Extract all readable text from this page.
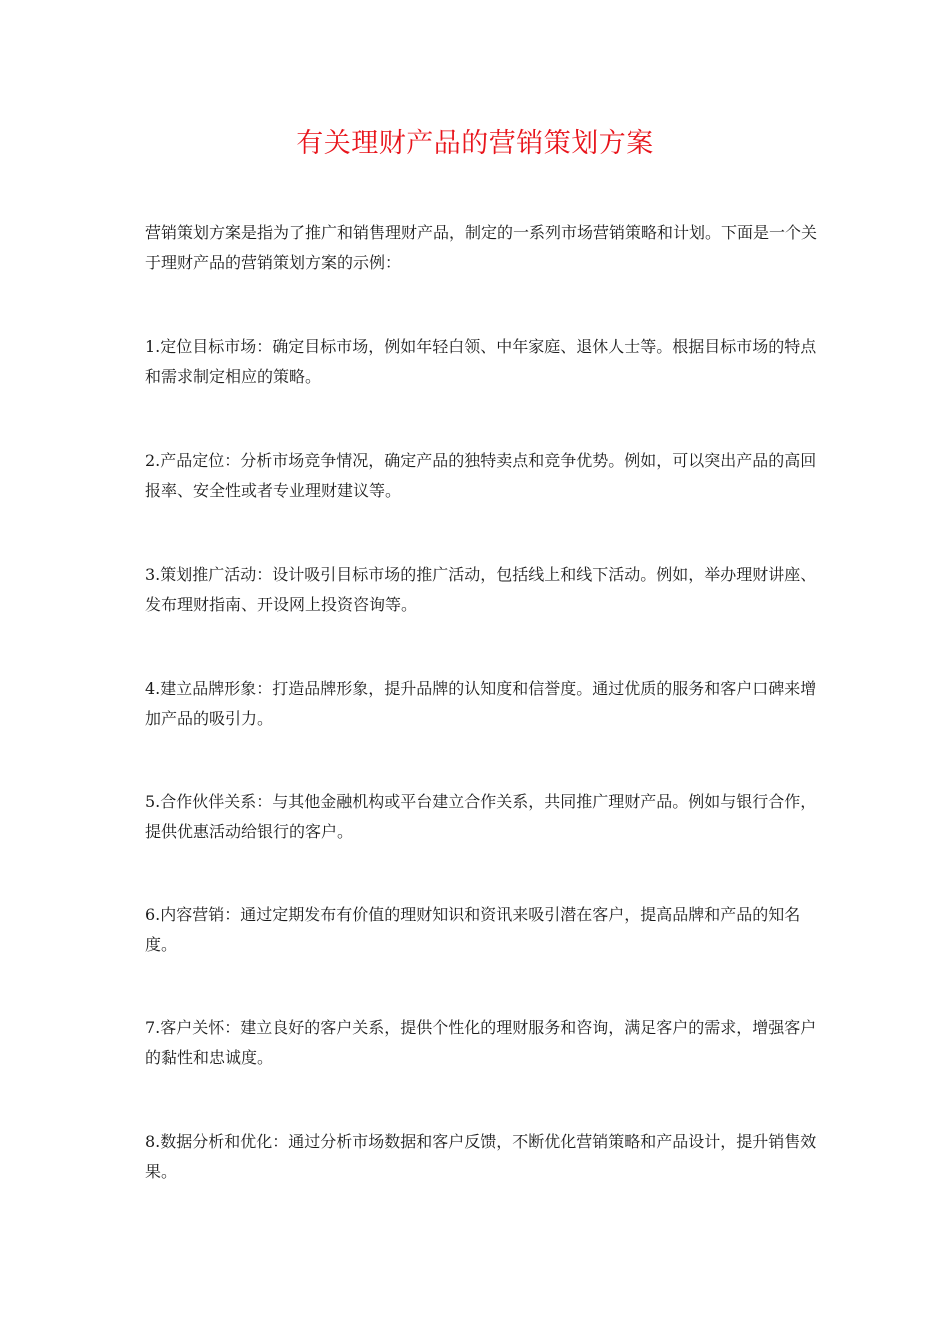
有关理财产品的营销策划方案
营销策划方案是指为了推广和销售理财产品，制定的一系列市场营销策略和计划。下面是一个关于理财产品的营销策划方案的示例：
1.定位目标市场：确定目标市场，例如年轻白领、中年家庭、退休人士等。根据目标市场的特点和需求制定相应的策略。
2.产品定位：分析市场竞争情况，确定产品的独特卖点和竞争优势。例如，可以突出产品的高回报率、安全性或者专业理财建议等。
3.策划推广活动：设计吸引目标市场的推广活动，包括线上和线下活动。例如，举办理财讲座、发布理财指南、开设网上投资咨询等。
4.建立品牌形象：打造品牌形象，提升品牌的认知度和信誉度。通过优质的服务和客户口碑来增加产品的吸引力。
5.合作伙伴关系：与其他金融机构或平台建立合作关系，共同推广理财产品。例如与银行合作，提供优惠活动给银行的客户。
6.内容营销：通过定期发布有价值的理财知识和资讯来吸引潜在客户，提高品牌和产品的知名度。
7.客户关怀：建立良好的客户关系，提供个性化的理财服务和咨询，满足客户的需求，增强客户的黏性和忠诚度。
8.数据分析和优化：通过分析市场数据和客户反馈，不断优化营销策略和产品设计，提升销售效果。
